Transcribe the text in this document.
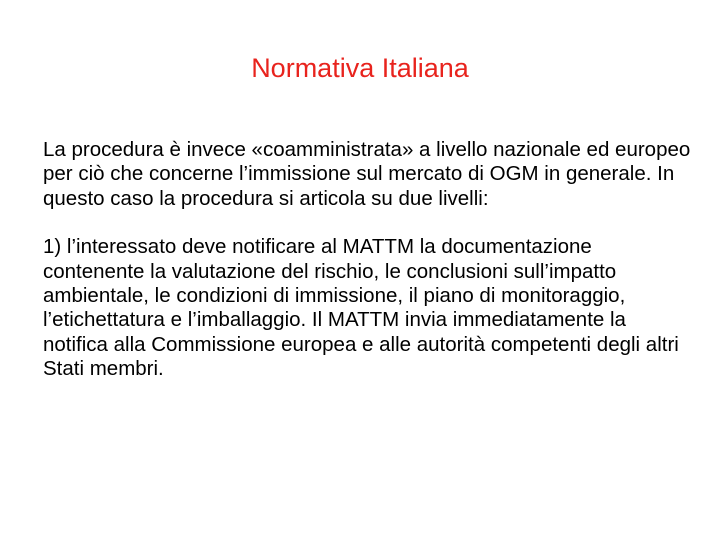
Normativa Italiana

La procedura è invece «coamministrata» a livello nazionale ed europeo per ciò che concerne l’immissione sul mercato di OGM in generale. In questo caso la procedura si articola su due livelli:

1) l’interessato deve notificare al MATTM la documentazione contenente la valutazione del rischio, le conclusioni sull’impatto ambientale, le condizioni di immissione, il piano di monitoraggio, l’etichettatura e l’imballaggio. Il MATTM invia immediatamente la notifica alla Commissione europea e alle autorità competenti degli altri Stati membri.
